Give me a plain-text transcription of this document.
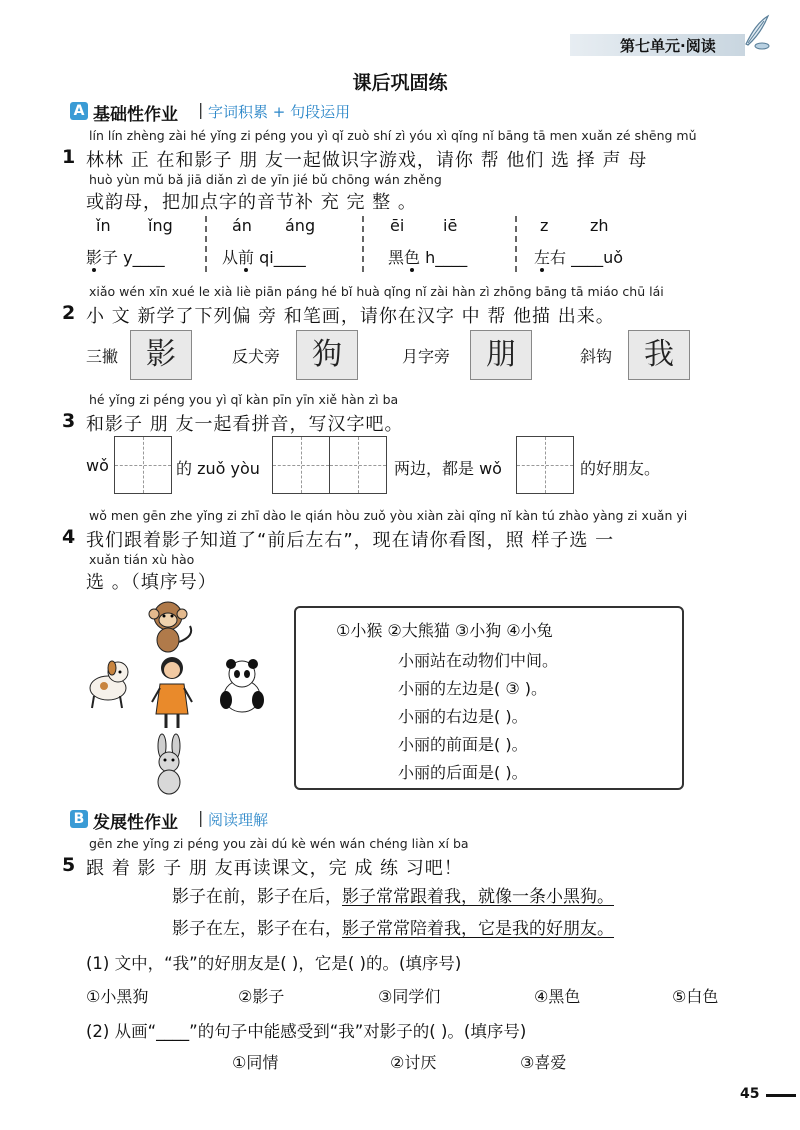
第七单元·阅读
课后巩固练
A 基础性作业 | 字词积累 + 句段运用
lín lín zhèng zài hé yǐng zi péng you yì qǐ zuò shí zì yóu xì qǐng nǐ bāng tā men xuǎn zé shēng mǔ
1 林林 正 在和影子 朋 友一起做识字游戏，请你 帮 他们 选 择 声 母
huò yùn mǔ bǎ jiā diǎn zì de yīn jié bǔ chōng wán zhěng
或韵母，把加点字的音节补 充 完 整 。
ǐn ǐng	án áng	ēi iē	z	zh
影子 y____	从前 qi____	黑色 h____	左右 ____uǒ
xiǎo wén xīn xué le xià liè piān páng hé bǐ huà qǐng nǐ zài hàn zì zhōng bāng tā miáo chū lái
2 小 文 新学了下列偏 旁 和笔画，请你在汉字 中 帮 他描 出来。
三撇 影	反犬旁	狗	月字旁	朋	斜钩	我
hé yǐng zi péng you yì qǐ kàn pīn yīn xiě hàn zì ba
3 和影子 朋 友一起看拼音，写汉字吧。
wǒ	的 zuǒ yòu	两边，都是 wǒ	的好朋友。
wǒ men gēn zhe yǐng zi zhī dào le qián hòu zuǒ yòu xiàn zài qǐng nǐ kàn tú zhào yàng zi xuǎn yi
4 我们跟着影子知道了“前后左右”，现在请你看图，照 样子选 一
xuǎn tián xù hào
选 。（填序号）
①小猴 ②大熊猫 ③小狗 ④小兔
小丽站在动物们中间。
小丽的左边是( ③ )。
小丽的右边是( )。
小丽的前面是( )。
小丽的后面是( )。
B 发展性作业 | 阅读理解
gēn zhe yǐng zi péng you zài dú kè wén wán chéng liàn xí ba
5 跟 着 影 子 朋 友再读课文，完 成 练 习吧！
影子在前，影子在后，影子常常跟着我，就像一条小黑狗。
影子在左，影子在右，影子常常陪着我，它是我的好朋友。
(1) 文中，“我”的好朋友是( )，它是( )的。(填序号)
①小黑狗	②影子	③同学们	④黑色	⑤白色
(2) 从画“____”的句子中能感受到“我”对影子的( )。(填序号)
①同情	②讨厌	③喜爱
45
